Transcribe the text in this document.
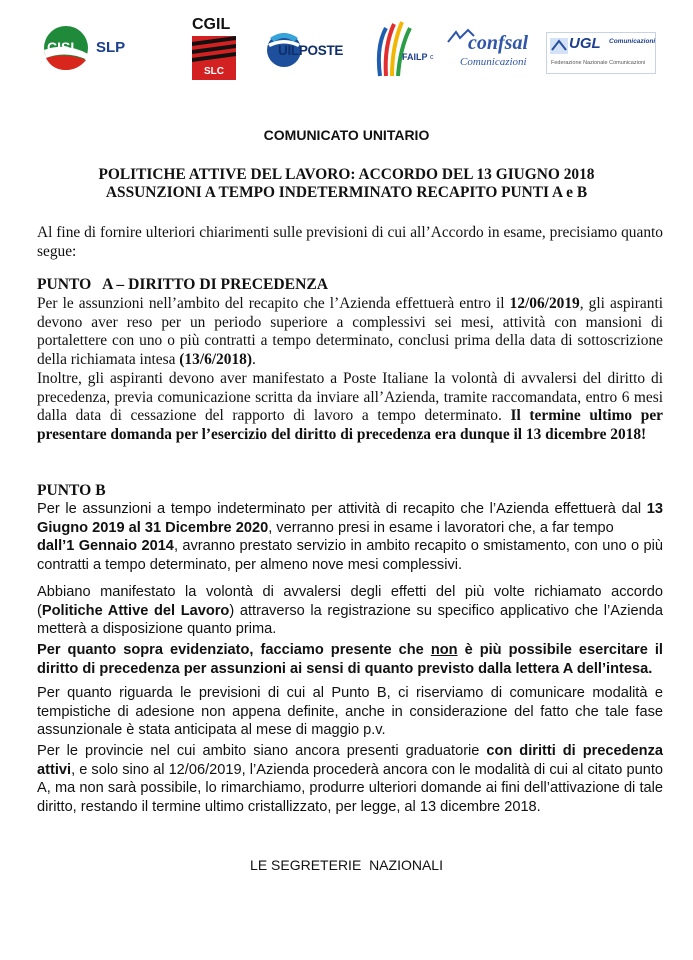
CISL SLP
CGIL
SLC
UILPOSTE	FAILP c
confsal
Comunicazioni
UGL Comunicazioni
Federazione Nazionale Comunicazioni
COMUNICATO UNITARIO
POLITICHE ATTIVE DEL LAVORO: ACCORDO DEL 13 GIUGNO 2018
ASSUNZIONI A TEMPO INDETERMINATO RECAPITO PUNTI A e B
Al fine di fornire ulteriori chiarimenti sulle previsioni di cui all’Accordo in esame, precisiamo quanto segue:
PUNTO   A – DIRITTO DI PRECEDENZA
Per le assunzioni nell’ambito del recapito che l’Azienda effettuerà entro il 12/06/2019, gli aspiranti devono aver reso per un periodo superiore a complessivi sei mesi, attività con mansioni di portalettere con uno o più contratti a tempo determinato, conclusi prima della data di sottoscrizione della richiamata intesa (13/6/2018).
Inoltre, gli aspiranti devono aver manifestato a Poste Italiane la volontà di avvalersi del diritto di precedenza, previa comunicazione scritta da inviare all’Azienda, tramite raccomandata, entro 6 mesi dalla data di cessazione del rapporto di lavoro a tempo determinato. Il termine ultimo per presentare domanda per l’esercizio del diritto di precedenza era dunque il 13 dicembre 2018!
PUNTO B
Per le assunzioni a tempo indeterminato per attività di recapito che l’Azienda effettuerà dal 13 Giugno 2019 al 31 Dicembre 2020, verranno presi in esame i lavoratori che, a far tempo
dall’1 Gennaio 2014, avranno prestato servizio in ambito recapito o smistamento, con uno o più contratti a tempo determinato, per almeno nove mesi complessivi.
Abbiano manifestato la volontà di avvalersi degli effetti del più volte richiamato accordo (Politiche Attive del Lavoro) attraverso la registrazione su specifico applicativo che l’Azienda metterà a disposizione quanto prima.
Per quanto sopra evidenziato, facciamo presente che non è più possibile esercitare il diritto di precedenza per assunzioni ai sensi di quanto previsto dalla lettera A dell’intesa.
Per quanto riguarda le previsioni di cui al Punto B, ci riserviamo di comunicare modalità e tempistiche di adesione non appena definite, anche in considerazione del fatto che tale fase assunzionale è stata anticipata al mese di maggio p.v.
Per le provincie nel cui ambito siano ancora presenti graduatorie con diritti di precedenza attivi, e solo sino al 12/06/2019, l’Azienda procederà ancora con le modalità di cui al citato punto A, ma non sarà possibile, lo rimarchiamo, produrre ulteriori domande ai fini dell’attivazione di tale diritto, restando il termine ultimo cristallizzato, per legge, al 13 dicembre 2018.
LE SEGRETERIE  NAZIONALI
